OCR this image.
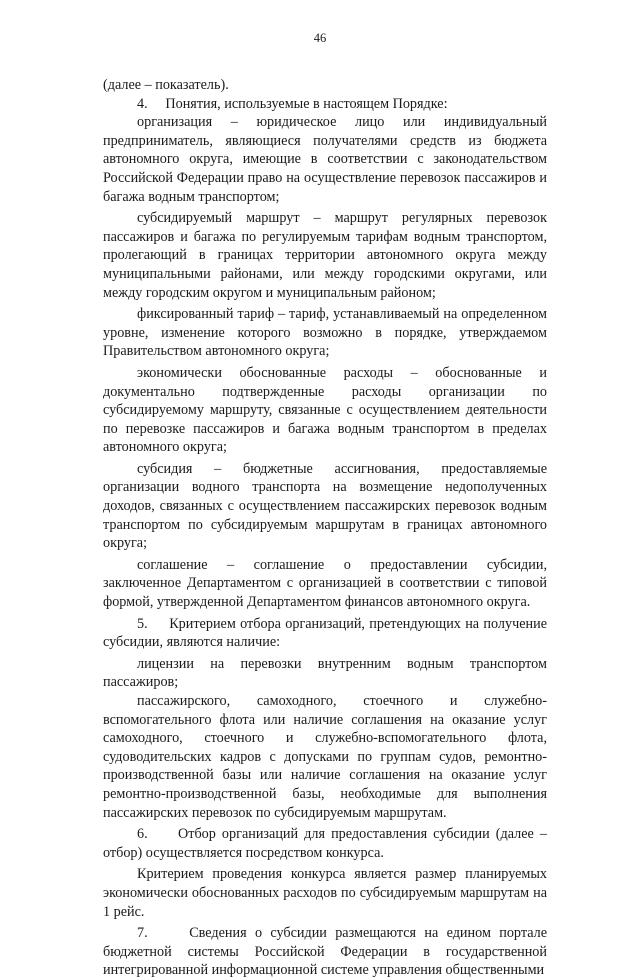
46

(далее – показатель).

4.     Понятия, используемые в настоящем Порядке:

организация – юридическое лицо или индивидуальный предприниматель, являющиеся получателями средств из бюджета автономного округа, имеющие в соответствии с законодательством Российской Федерации право на осуществление перевозок пассажиров и багажа водным транспортом;

субсидируемый маршрут – маршрут регулярных перевозок пассажиров и багажа по регулируемым тарифам водным транспортом, пролегающий в границах территории автономного округа между муниципальными районами, или между городскими округами, или между городским округом и муниципальным районом;

фиксированный тариф – тариф, устанавливаемый на определенном уровне, изменение которого возможно в порядке, утверждаемом Правительством автономного округа;

экономически обоснованные расходы – обоснованные и документально подтвержденные расходы организации по субсидируемому маршруту, связанные с осуществлением деятельности по перевозке пассажиров и багажа водным транспортом в пределах автономного округа;

субсидия – бюджетные ассигнования, предоставляемые организации водного транспорта на возмещение недополученных доходов, связанных с осуществлением пассажирских перевозок водным транспортом по субсидируемым маршрутам в границах автономного округа;

соглашение – соглашение о предоставлении субсидии, заключенное Департаментом с организацией в соответствии с типовой формой, утвержденной Департаментом финансов автономного округа.

5.     Критерием отбора организаций, претендующих на получение субсидии, являются наличие:

лицензии на перевозки внутренним водным транспортом пассажиров;

пассажирского, самоходного, стоечного и служебно-вспомогательного флота или наличие соглашения на оказание услуг самоходного, стоечного и служебно-вспомогательного флота, судоводительских кадров с допусками по группам судов, ремонтно-производственной базы или наличие соглашения на оказание услуг ремонтно-производственной базы, необходимые для выполнения пассажирских перевозок по субсидируемым маршрутам.

6.     Отбор организаций для предоставления субсидии (далее – отбор) осуществляется посредством конкурса.

Критерием проведения конкурса является размер планируемых экономически обоснованных расходов по субсидируемым маршрутам на 1 рейс.

7.     Сведения о субсидии размещаются на едином портале бюджетной системы Российской Федерации в государственной интегрированной информационной системе управления общественными
